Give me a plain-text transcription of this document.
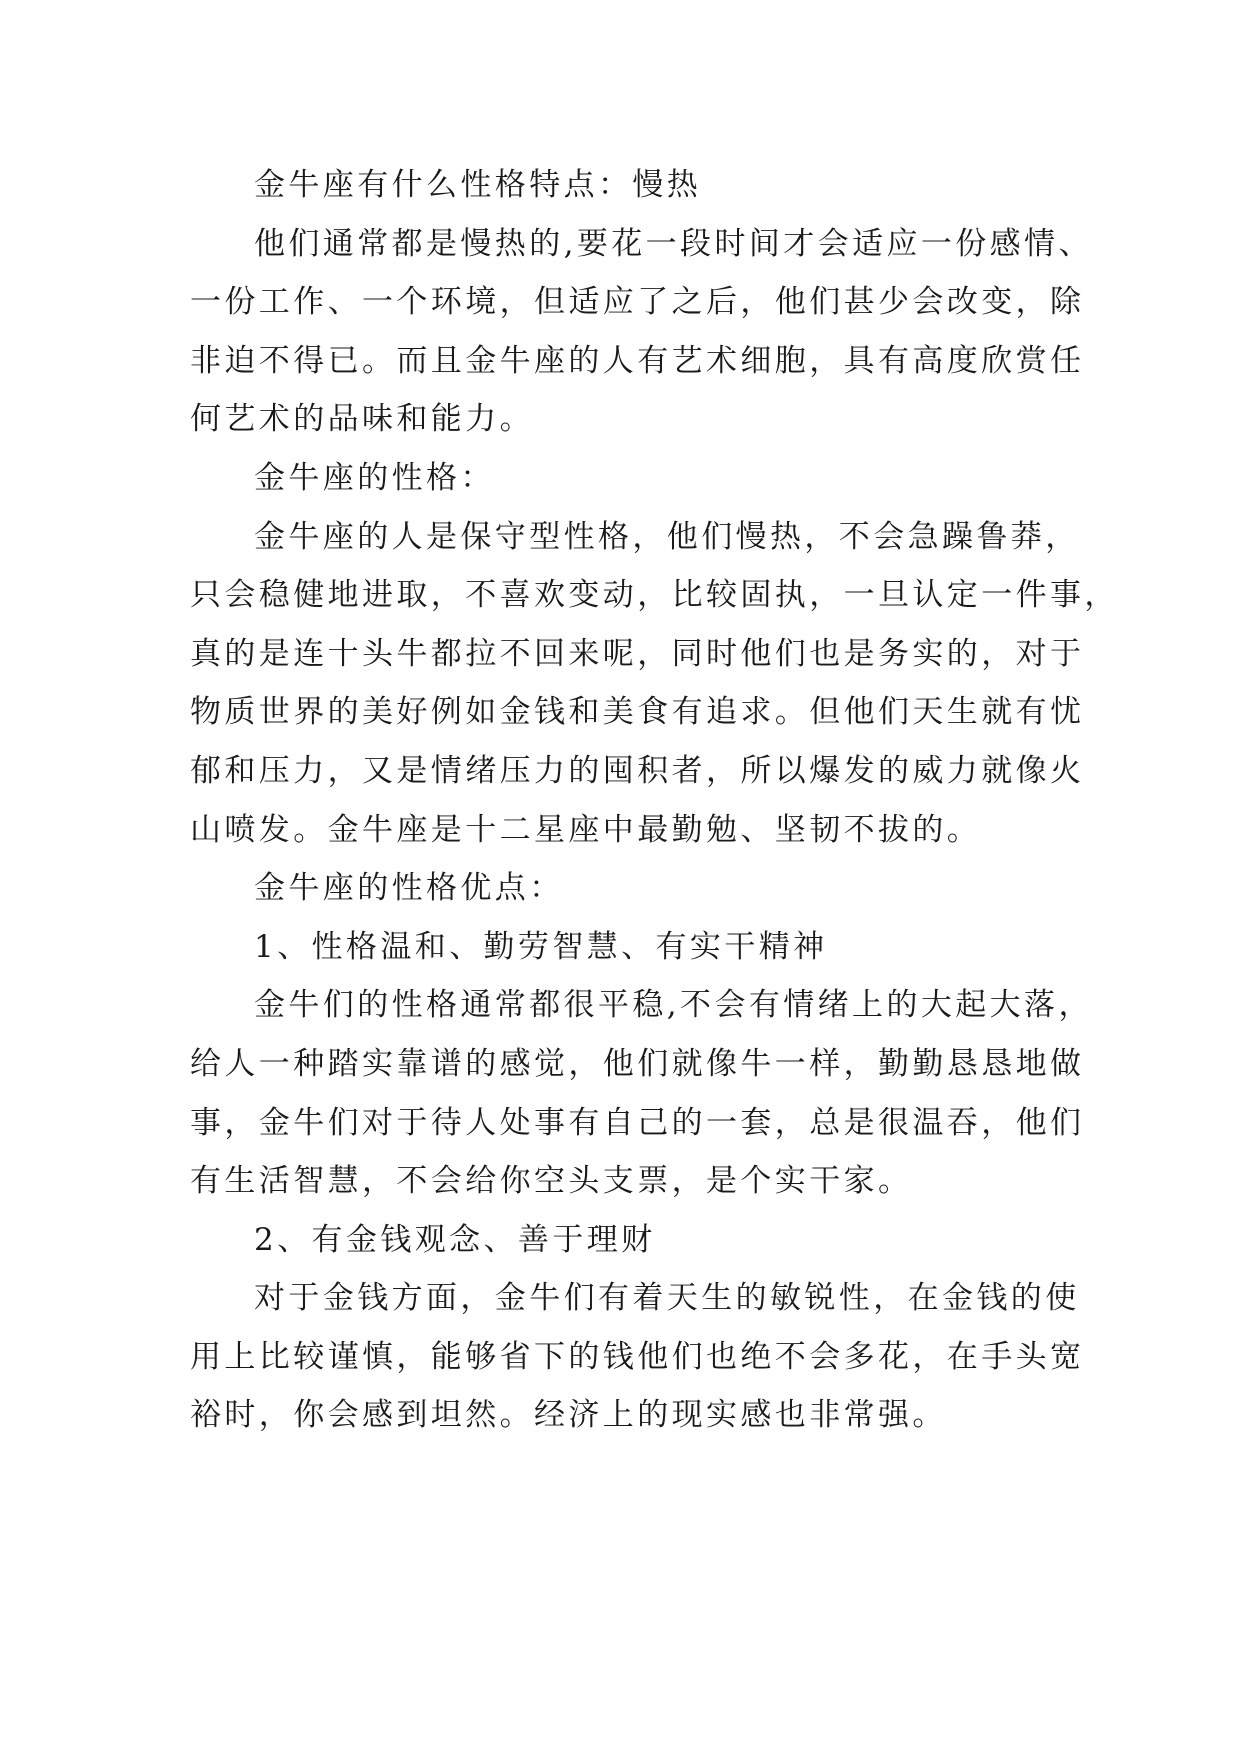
金牛座有什么性格特点：慢热
他们通常都是慢热的,要花一段时间才会适应一份感情、
一份工作、一个环境，但适应了之后，他们甚少会改变，除
非迫不得已。而且金牛座的人有艺术细胞，具有高度欣赏任
何艺术的品味和能力。
金牛座的性格：
金牛座的人是保守型性格，他们慢热，不会急躁鲁莽，
只会稳健地进取，不喜欢变动，比较固执，一旦认定一件事，
真的是连十头牛都拉不回来呢，同时他们也是务实的，对于
物质世界的美好例如金钱和美食有追求。但他们天生就有忧
郁和压力，又是情绪压力的囤积者，所以爆发的威力就像火
山喷发。金牛座是十二星座中最勤勉、坚韧不拔的。
金牛座的性格优点：
1、性格温和、勤劳智慧、有实干精神
金牛们的性格通常都很平稳,不会有情绪上的大起大落，
给人一种踏实靠谱的感觉，他们就像牛一样，勤勤恳恳地做
事，金牛们对于待人处事有自己的一套，总是很温吞，他们
有生活智慧，不会给你空头支票，是个实干家。
2、有金钱观念、善于理财
对于金钱方面，金牛们有着天生的敏锐性，在金钱的使
用上比较谨慎，能够省下的钱他们也绝不会多花，在手头宽
裕时，你会感到坦然。经济上的现实感也非常强。
